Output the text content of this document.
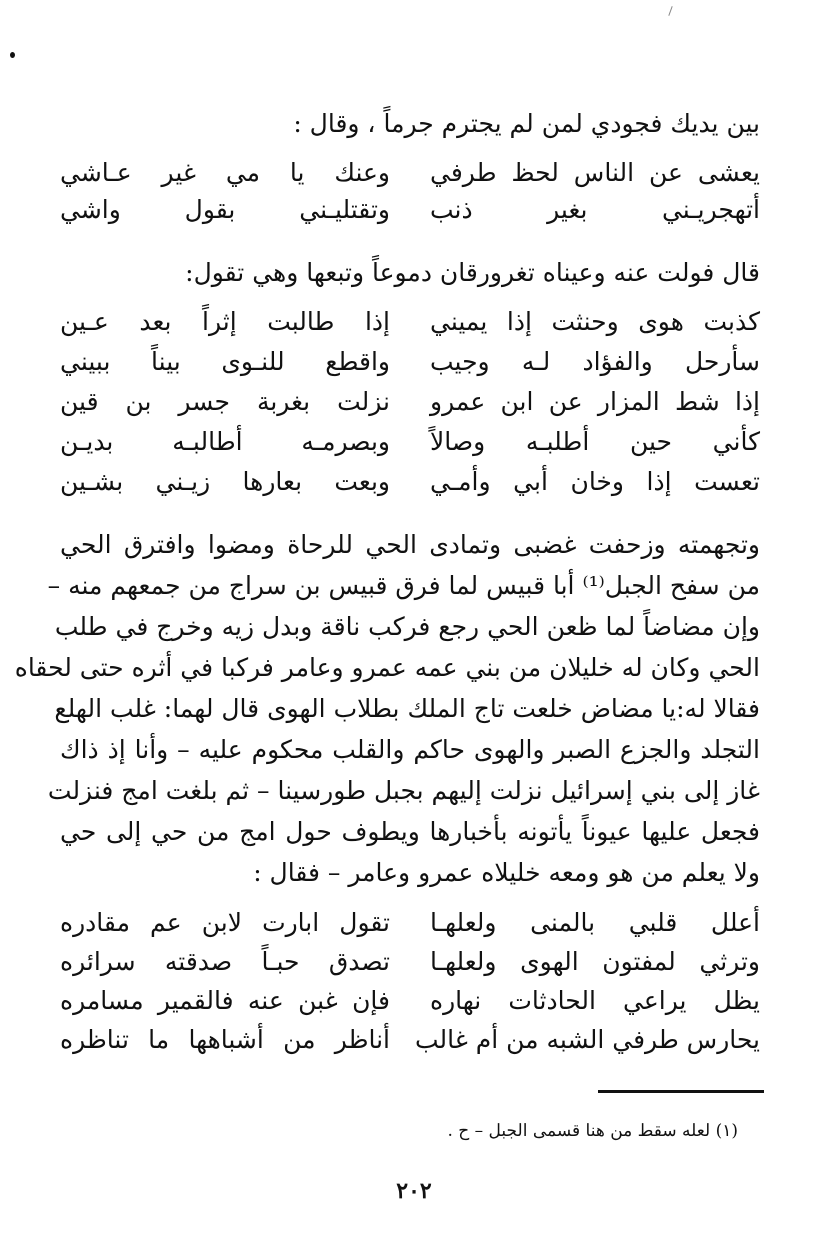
بين يديك فجودي لمن لم يجترم جرماً ، وقال :
يعشى عن الناس لحظ طرفي
وعنك يا مي غير عـاشي
أتهجريـني بغير ذنب
وتقتليـني بقول واشي
قال فولت عنه وعيناه تغرورقان دموعاً وتبعها وهي تقول:
كذبت هوى وحنثت إذا يميني
إذا طالبت إثراً بعد عـين
سأرحل والفؤاد لـه وجيب
واقطع للنـوى بيناً ببيني
إذا شط المزار عن ابن عمرو
نزلت بغربة جسر بن قين
كأني حين أطلبـه وصالاً
وبصرمـه أطالبـه بديـن
تعست إذا وخان أبي وأمـي
وبعت بعارها زيـني بشـين
وتجهمته وزحفت غضبى وتمادى الحي للرحاة ومضوا وافترق الحي
من سفح الجبل⁽¹⁾ أبا قبيس لما فرق قبيس بن سراج من جمعهم منه –
وإن مضاضاً لما ظعن الحي رجع فركب ناقة وبدل زيه وخرج في طلب
الحي وكان له خليلان من بني عمه عمرو وعامر فركبا في أثره حتى لحقاه
فقالا له:يا مضاض خلعت تاج الملك بطلاب الهوى قال لهما: غلب الهلع
التجلد والجزع الصبر والهوى حاكم والقلب محكوم عليه – وأنا إذ ذاك
غاز إلى بني إسرائيل نزلت إليهم بجبل طورسينا – ثم بلغت امج فنزلت
فجعل عليها عيوناً يأتونه بأخبارها ويطوف حول امج من حي إلى حي
ولا يعلم من هو ومعه خليلاه عمرو وعامر – فقال :
أعلل قلبي بالمنى ولعلهـا
تقول ابارت لابن عم مقادره
وترثي لمفتون الهوى ولعلهـا
تصدق حبـاً صدقته سرائره
يظل يراعي الحادثات نهاره
فإن غبن عنه فالقمير مسامره
يحارس طرفي الشبه من أم غالب
أناظر من أشباهها ما تناظره
(١) لعله سقط من هنا قسمى الجبل – ح .
٢٠٢
